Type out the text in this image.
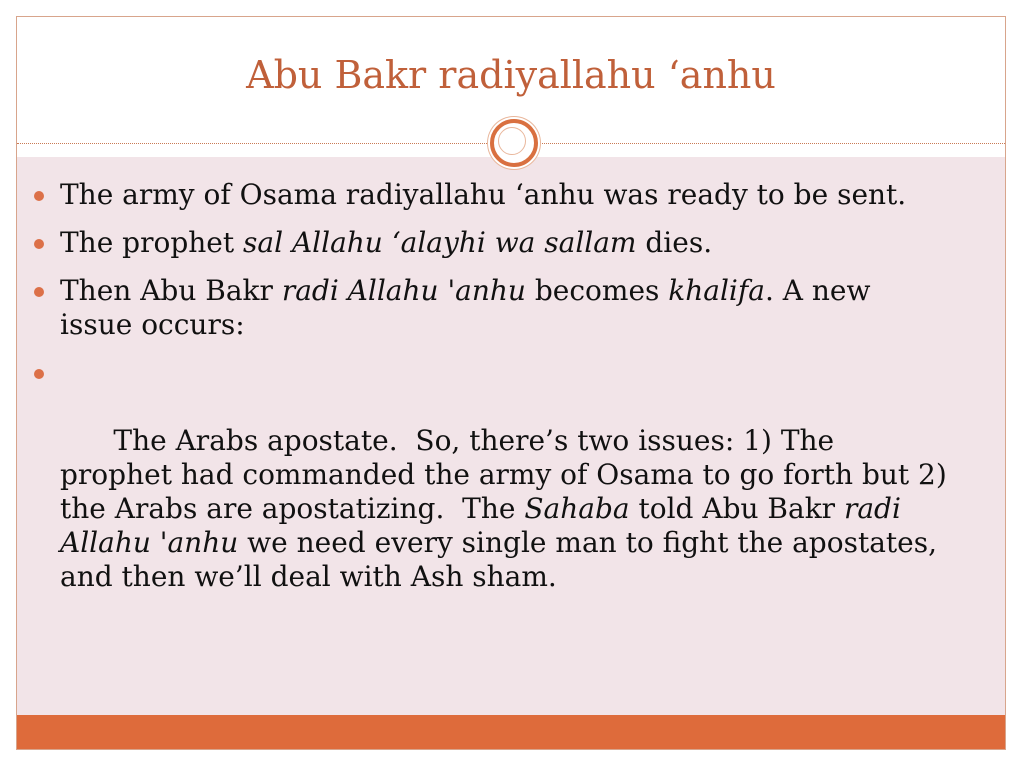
Abu Bakr radiyallahu ‘anhu
The army of Osama radiyallahu ‘anhu was ready to be sent.
The prophet sal Allahu ‘alayhi wa sallam dies.
Then Abu Bakr radi Allahu 'anhu becomes khalifa. A new issue occurs:

The Arabs apostate.  So, there’s two issues: 1) The prophet had commanded the army of Osama to go forth but 2) the Arabs are apostatizing.  The Sahaba told Abu Bakr radi Allahu 'anhu we need every single man to fight the apostates, and then we’ll deal with Ash sham.
